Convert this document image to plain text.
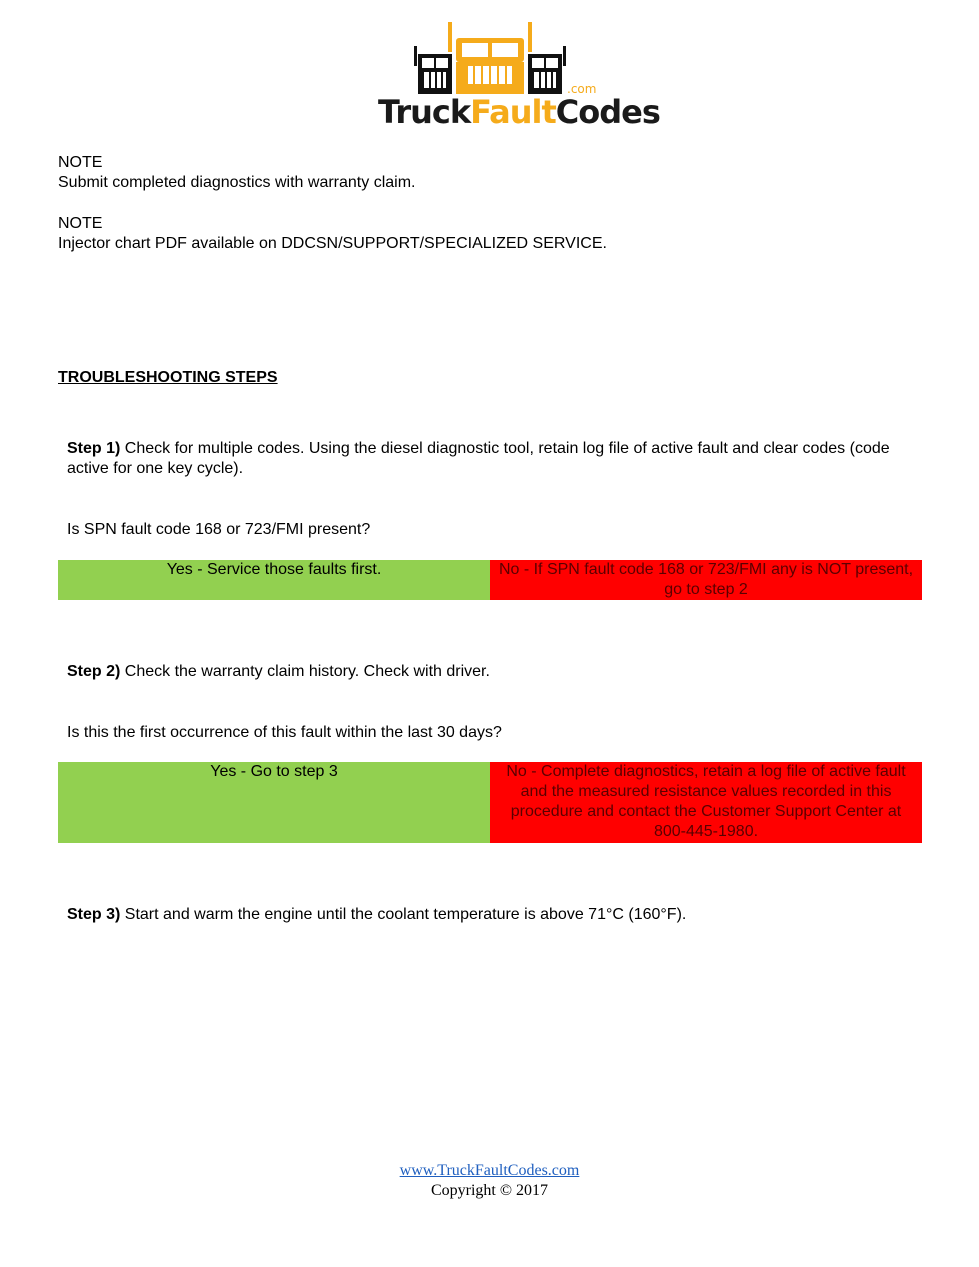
.com
TruckFaultCodes
NOTE
Submit completed diagnostics with warranty claim.
NOTE
Injector chart PDF available on DDCSN/SUPPORT/SPECIALIZED SERVICE.
TROUBLESHOOTING STEPS
Step 1) Check for multiple codes. Using the diesel diagnostic tool, retain log file of active fault and clear codes (code active for one key cycle).
Is SPN fault code 168 or 723/FMI present?
Yes - Service those faults first.	No - If SPN fault code 168 or 723/FMI any is NOT present, go to step 2
Step 2) Check the warranty claim history. Check with driver.
Is this the first occurrence of this fault within the last 30 days?
Yes - Go to step 3	No - Complete diagnostics, retain a log file of active fault and the measured resistance values recorded in this procedure and contact the Customer Support Center at 800-445-1980.
Step 3) Start and warm the engine until the coolant temperature is above 71°C (160°F).
www.TruckFaultCodes.com
Copyright © 2017
